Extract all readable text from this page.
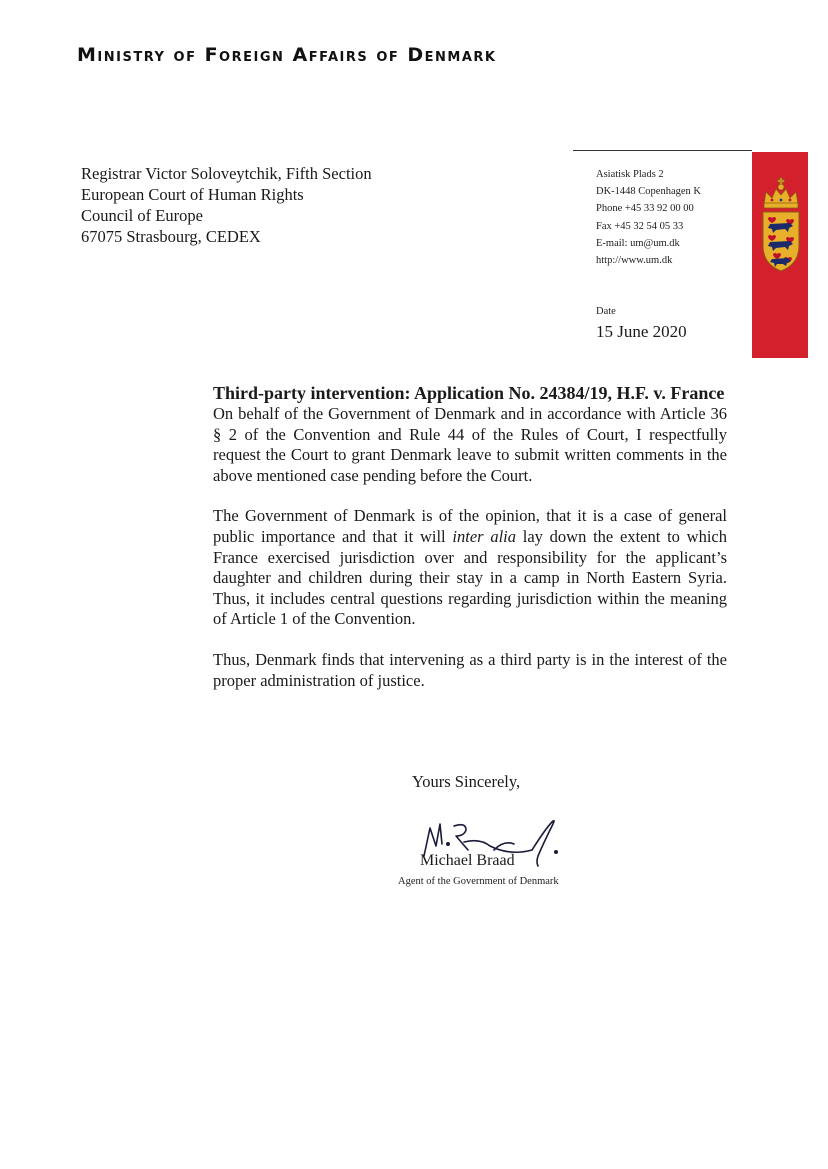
Ministry of Foreign Affairs of Denmark
Registrar Victor Soloveytchik, Fifth Section
European Court of Human Rights
Council of Europe
67075 Strasbourg, CEDEX
Asiatisk Plads 2
DK-1448 Copenhagen K
Phone +45 33 92 00 00
Fax +45 32 54 05 33
E-mail: um@um.dk
http://www.um.dk
Date
15 June 2020

Third-party intervention: Application No. 24384/19, H.F. v. France

On behalf of the Government of Denmark and in accordance with Article 36 § 2 of the Convention and Rule 44 of the Rules of Court, I respectfully request the Court to grant Denmark leave to submit written comments in the above mentioned case pending before the Court.

The Government of Denmark is of the opinion, that it is a case of general public importance and that it will inter alia lay down the extent to which France exercised jurisdiction over and responsibility for the applicant’s daughter and children during their stay in a camp in North Eastern Syria. Thus, it includes central questions regarding jurisdiction within the meaning of Article 1 of the Convention.

Thus, Denmark finds that intervening as a third party is in the interest of the proper administration of justice.

Yours Sincerely,
Michael Braad
Agent of the Government of Denmark
